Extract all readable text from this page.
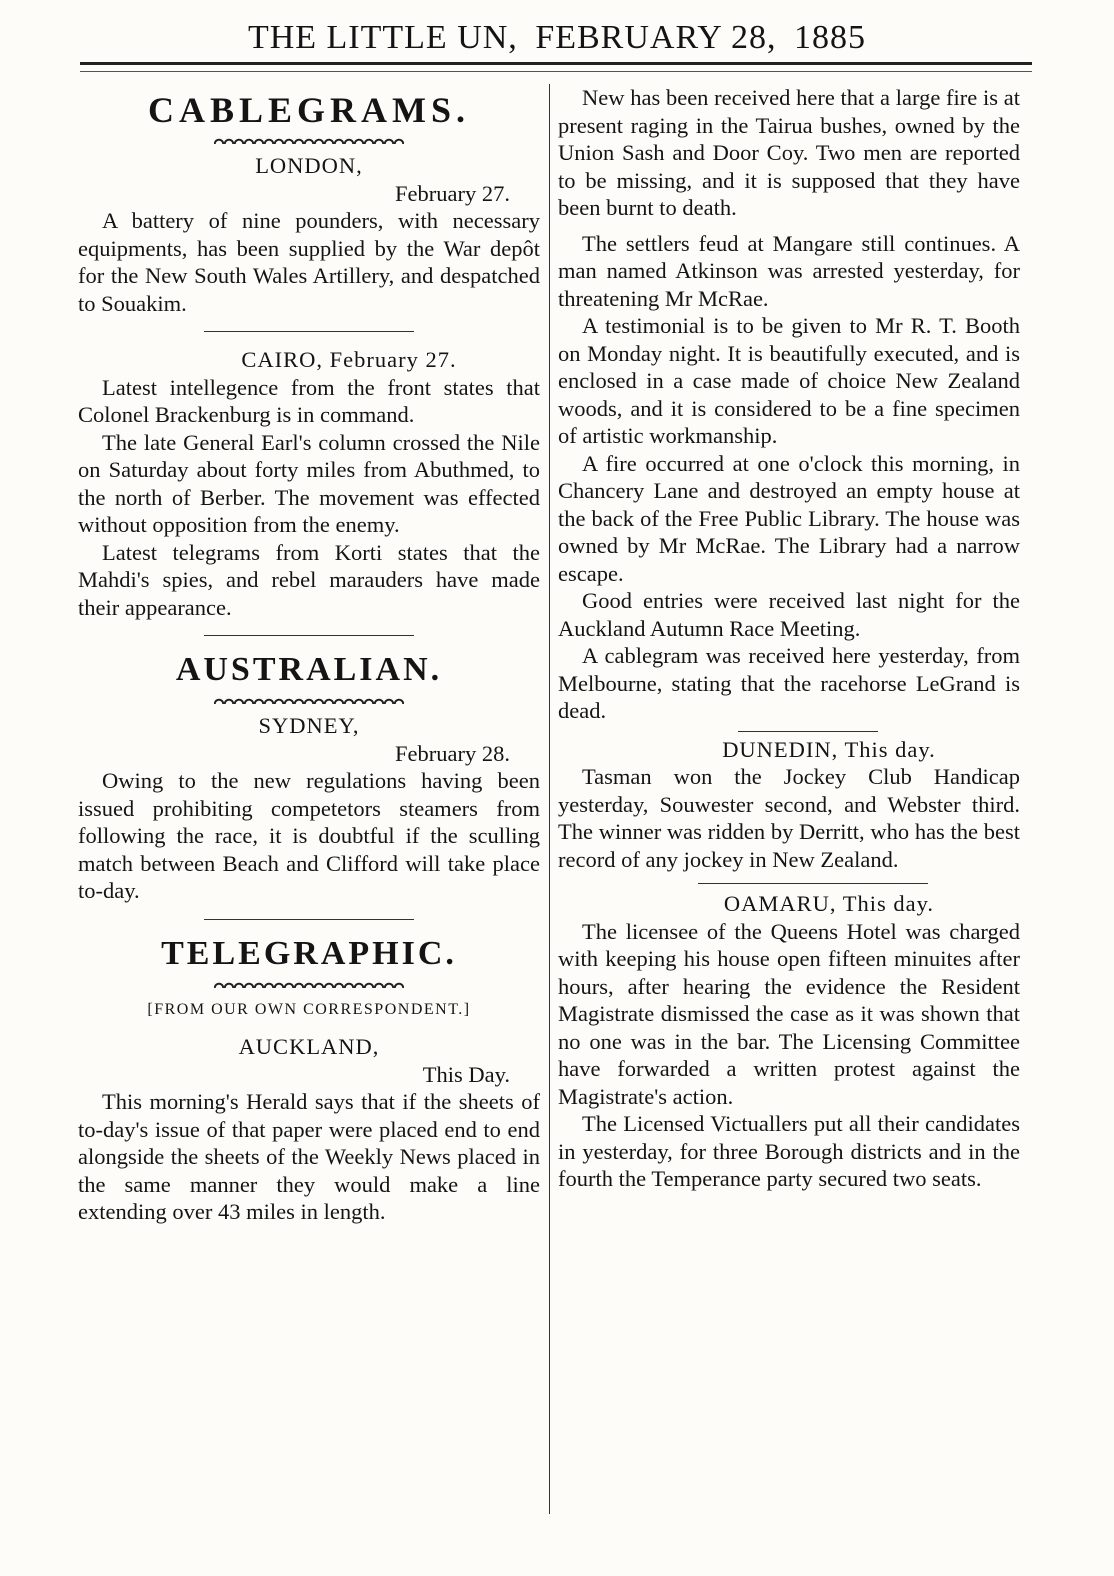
THE LITTLE UN, FEBRUARY 28, 1885
CABLEGRAMS.
LONDON,
February 27.

A battery of nine pounders, with necessary equipments, has been supplied by the War depôt for the New South Wales Artillery, and despatched to Souakim.

CAIRO, February 27.

Latest intellegence from the front states that Colonel Brackenburg is in command.

The late General Earl's column crossed the Nile on Saturday about forty miles from Abuthmed, to the north of Berber. The movement was effected without opposition from the enemy.

Latest telegrams from Korti states that the Mahdi's spies, and rebel marauders have made their appearance.

AUSTRALIAN.
SYDNEY,
February 28.

Owing to the new regulations having been issued prohibiting competetors steamers from following the race, it is doubtful if the sculling match between Beach and Clifford will take place to-day.

TELEGRAPHIC.
[FROM OUR OWN CORRESPONDENT.]
AUCKLAND,
This Day.

This morning's Herald says that if the sheets of to-day's issue of that paper were placed end to end alongside the sheets of the Weekly News placed in the same manner they would make a line extending over 43 miles in length.

New has been received here that a large fire is at present raging in the Tairua bushes, owned by the Union Sash and Door Coy. Two men are reported to be missing, and it is supposed that they have been burnt to death.

The settlers feud at Mangare still continues. A man named Atkinson was arrested yesterday, for threatening Mr McRae.

A testimonial is to be given to Mr R. T. Booth on Monday night. It is beautifully executed, and is enclosed in a case made of choice New Zealand woods, and it is considered to be a fine specimen of artistic workmanship.

A fire occurred at one o'clock this morning, in Chancery Lane and destroyed an empty house at the back of the Free Public Library. The house was owned by Mr McRae. The Library had a narrow escape.

Good entries were received last night for the Auckland Autumn Race Meeting.

A cablegram was received here yesterday, from Melbourne, stating that the racehorse LeGrand is dead.

DUNEDIN, This day.

Tasman won the Jockey Club Handicap yesterday, Souwester second, and Webster third. The winner was ridden by Derritt, who has the best record of any jockey in New Zealand.

OAMARU, This day.

The licensee of the Queens Hotel was charged with keeping his house open fifteen minuites after hours, after hearing the evidence the Resident Magistrate dismissed the case as it was shown that no one was in the bar. The Licensing Committee have forwarded a written protest against the Magistrate's action.

The Licensed Victuallers put all their candidates in yesterday, for three Borough districts and in the fourth the Temperance party secured two seats.
